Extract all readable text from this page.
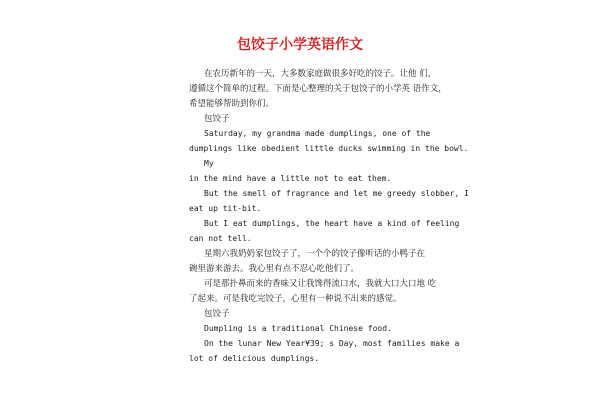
包饺子小学英语作文
在农历新年的一天，大多数家庭做很多好吃的饺子。让他 们，
遵循这个简单的过程。下面是心整理的关于包饺子的小学英 语作文，
希望能够帮助到你们。
包饺子
Saturday, my grandma made dumplings, one of the
dumplings like obedient little ducks swimming in the bowl.
My
in the mind have a little not to eat them.
But the smell of fragrance and let me greedy slobber, I
eat up tit-bit.
But I eat dumplings, the heart have a kind of feeling
can not tell.
星期六我奶奶家包饺子了，一个个的饺子像听话的小鸭子在
碗里游来游去。我心里有点不忍心吃他们了。
可是那扑鼻而来的香味又让我馋得流口水，我就大口大口地 吃
了起来。可是我吃完饺子，心里有一种说不出来的感觉。
包饺子
Dumpling is a traditional Chinese food.
On the lunar New Year¥39; s Day, most families make a
lot of delicious dumplings.
